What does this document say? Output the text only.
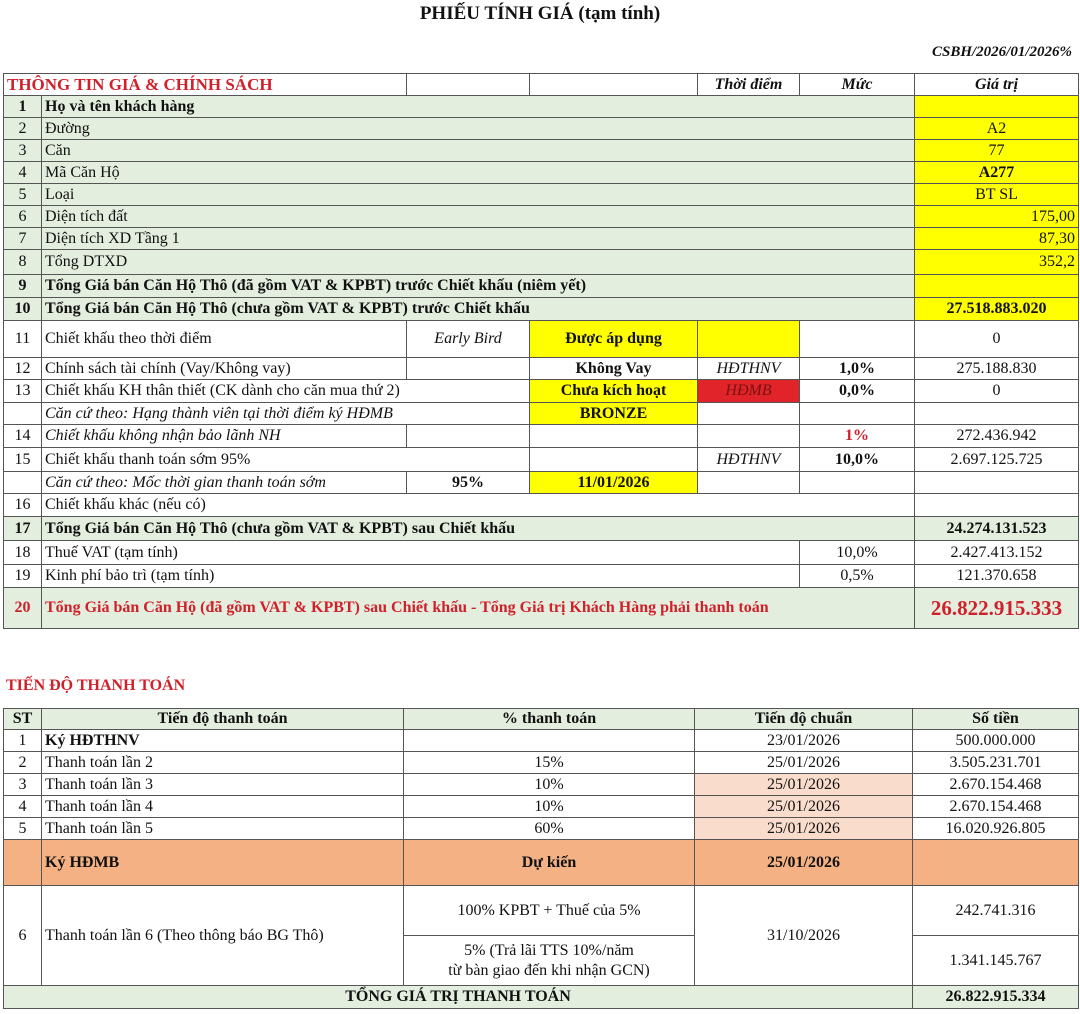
PHIẾU TÍNH GIÁ (tạm tính)
CSBH/2026/01/2026%
THÔNG TIN GIÁ & CHÍNH SÁCH				Thời điểm	Mức	Giá trị
1	Họ và tên khách hàng					
2	Đường					A2
3	Căn					77
4	Mã Căn Hộ					A277
5	Loại					BT SL
6	Diện tích đất					175,00
7	Diện tích XD Tầng 1					87,30
8	Tổng DTXD					352,2
9	Tổng Giá bán Căn Hộ Thô (đã gồm VAT & KPBT) trước Chiết khấu (niêm yết)					
10	Tổng Giá bán Căn Hộ Thô (chưa gồm VAT & KPBT) trước Chiết khấu					27.518.883.020
11	Chiết khấu theo thời điểm	Early Bird	Được áp dụng			0
12	Chính sách tài chính (Vay/Không vay)		Không Vay	HĐTHNV	1,0%	275.188.830
13	Chiết khấu KH thân thiết (CK dành cho căn mua thứ 2)		Chưa kích hoạt	HĐMB	0,0%	0
	Căn cứ theo: Hạng thành viên tại thời điểm ký HĐMB		BRONZE			
14	Chiết khấu không nhận bảo lãnh NH				1%	272.436.942
15	Chiết khấu thanh toán sớm 95%			HĐTHNV	10,0%	2.697.125.725
	Căn cứ theo: Mốc thời gian thanh toán sớm	95%	11/01/2026			
16	Chiết khấu khác (nếu có)					
17	Tổng Giá bán Căn Hộ Thô (chưa gồm VAT & KPBT) sau Chiết khấu					24.274.131.523
18	Thuế VAT (tạm tính)				10,0%	2.427.413.152
19	Kinh phí bảo trì (tạm tính)				0,5%	121.370.658
20	Tổng Giá bán Căn Hộ (đã gồm VAT & KPBT) sau Chiết khấu - Tổng Giá trị Khách Hàng phải thanh toán					26.822.915.333
TIẾN ĐỘ THANH TOÁN
ST	Tiến độ thanh toán	% thanh toán	Tiến độ chuẩn	Số tiền
1	Ký HĐTHNV		23/01/2026	500.000.000
2	Thanh toán lần 2	15%	25/01/2026	3.505.231.701
3	Thanh toán lần 3	10%	25/01/2026	2.670.154.468
4	Thanh toán lần 4	10%	25/01/2026	2.670.154.468
5	Thanh toán lần 5	60%	25/01/2026	16.020.926.805
	Ký HĐMB	Dự kiến	25/01/2026	
6	Thanh toán lần 6 (Theo thông báo BG Thô)	100% KPBT + Thuế của 5%	31/10/2026	242.741.316

		5% (Trả lãi TTS 10%/năm
từ bàn giao đến khi nhận GCN)		1.341.145.767
TỔNG GIÁ TRỊ THANH TOÁN				26.822.915.334
